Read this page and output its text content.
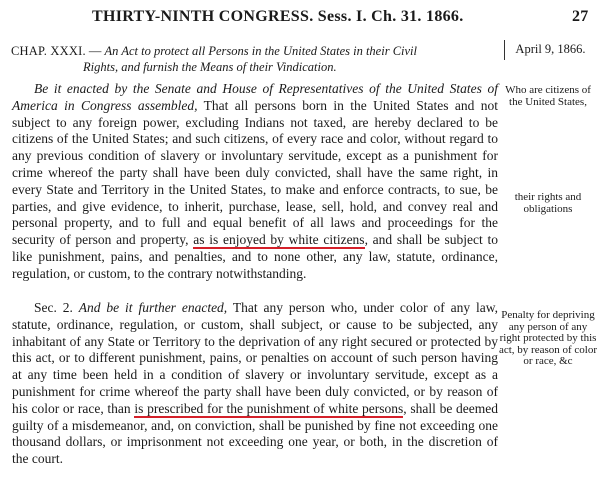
THIRTY-NINTH CONGRESS. Sess. I. Ch. 31. 1866.	27
CHAP. XXXI. — An Act to protect all Persons in the United States in their Civil
Rights, and furnish the Means of their Vindication.
April 9, 1866.
Be it enacted by the Senate and House of Representatives of the United States of America in Congress assembled, That all persons born in the United States and not subject to any foreign power, excluding Indians not taxed, are hereby declared to be citizens of the United States; and such citizens, of every race and color, without regard to any previous condition of slavery or involuntary servitude, except as a punishment for crime whereof the party shall have been duly convicted, shall have the same right, in every State and Territory in the United States, to make and enforce contracts, to sue, be parties, and give evidence, to inherit, purchase, lease, sell, hold, and convey real and personal property, and to full and equal benefit of all laws and proceedings for the security of person and property, as is enjoyed by white citizens, and shall be subject to like punishment, pains, and penalties, and to none other, any law, statute, ordinance, regulation, or custom, to the contrary notwithstanding.
Sec. 2. And be it further enacted, That any person who, under color of any law, statute, ordinance, regulation, or custom, shall subject, or cause to be subjected, any inhabitant of any State or Territory to the deprivation of any right secured or protected by this act, or to different punishment, pains, or penalties on account of such person having at any time been held in a condition of slavery or involuntary servitude, except as a punishment for crime whereof the party shall have been duly convicted, or by reason of his color or race, than is prescribed for the punishment of white persons, shall be deemed guilty of a misdemeanor, and, on conviction, shall be punished by fine not exceeding one thousand dollars, or imprisonment not exceeding one year, or both, in the discretion of the court.
Who are citizens of the United States,
their rights and obligations
Penalty for depriving any person of any right protected by this act, by reason of color or race, &c
